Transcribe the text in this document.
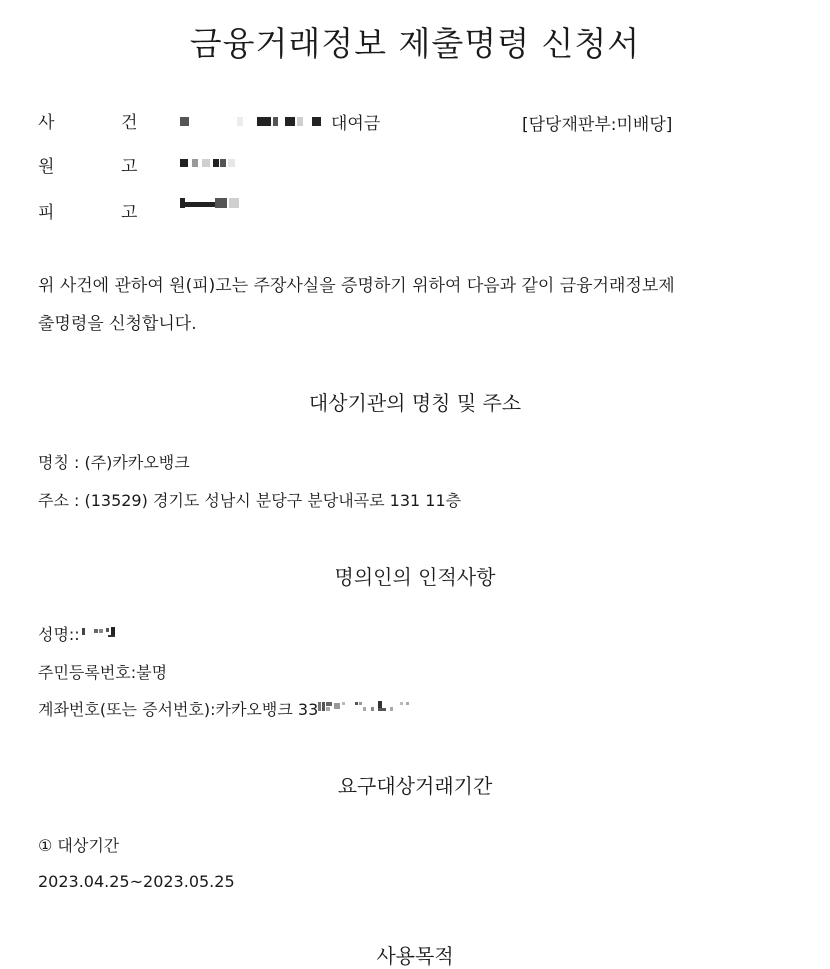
금융거래정보 제출명령 신청서
사	건	대여금	[담당재판부:미배당]
원	고
피	고
위 사건에 관하여 원(피)고는 주장사실을 증명하기 위하여 다음과 같이 금융거래정보제
출명령을 신청합니다.
대상기관의 명칭 및 주소
명칭 : (주)카카오뱅크
주소 : (13529) 경기도 성남시 분당구 분당내곡로 131 11층
명의인의 인적사항
성명::
주민등록번호:불명
계좌번호(또는 증서번호):카카오뱅크 33
요구대상거래기간
① 대상기간
2023.04.25~2023.05.25
사용목적
